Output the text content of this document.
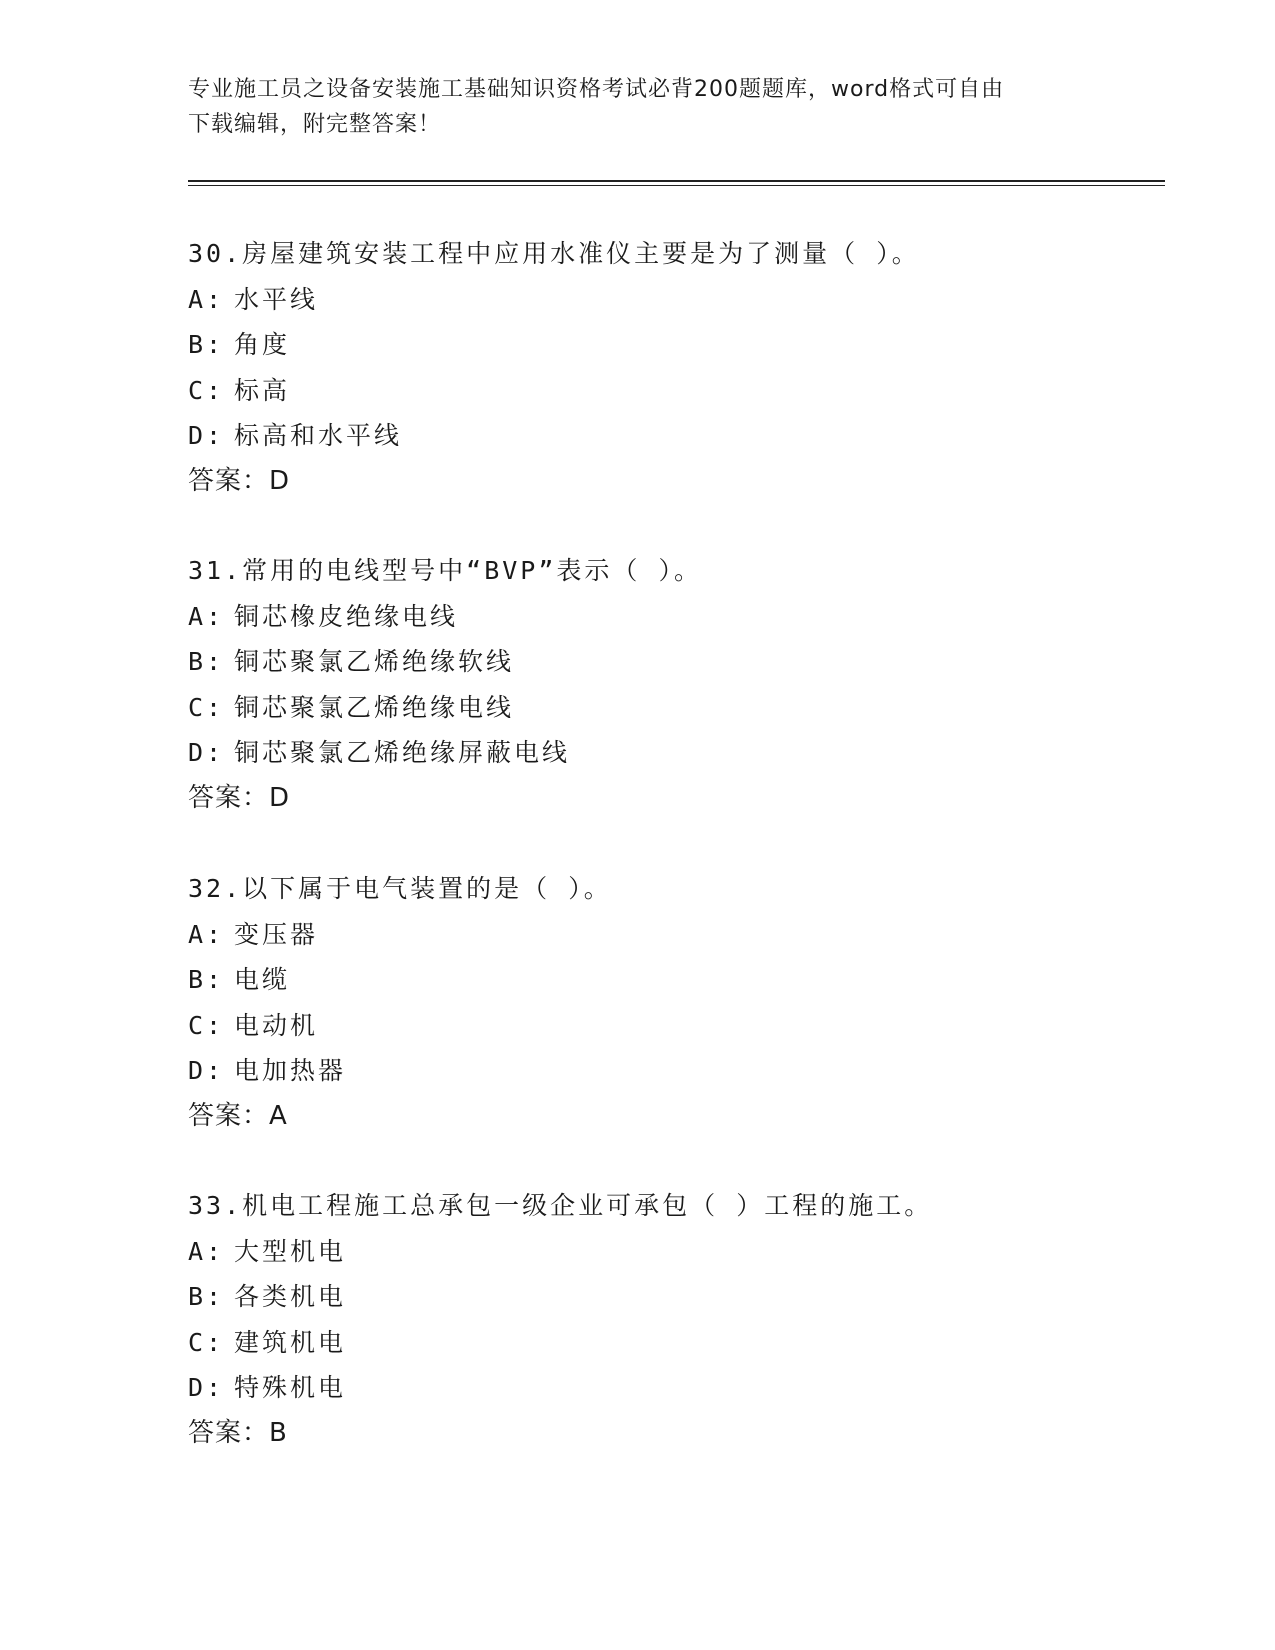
专业施工员之设备安装施工基础知识资格考试必背200题题库，word格式可自由
下载编辑，附完整答案！
30.房屋建筑安装工程中应用水准仪主要是为了测量（ ）。
A: 水平线
B: 角度
C: 标高
D: 标高和水平线
答案：D
31.常用的电线型号中“BVP”表示（ ）。
A: 铜芯橡皮绝缘电线
B: 铜芯聚氯乙烯绝缘软线
C: 铜芯聚氯乙烯绝缘电线
D: 铜芯聚氯乙烯绝缘屏蔽电线
答案：D
32.以下属于电气装置的是（ ）。
A: 变压器
B: 电缆
C: 电动机
D: 电加热器
答案：A
33.机电工程施工总承包一级企业可承包（ ）工程的施工。
A: 大型机电
B: 各类机电
C: 建筑机电
D: 特殊机电
答案：B
